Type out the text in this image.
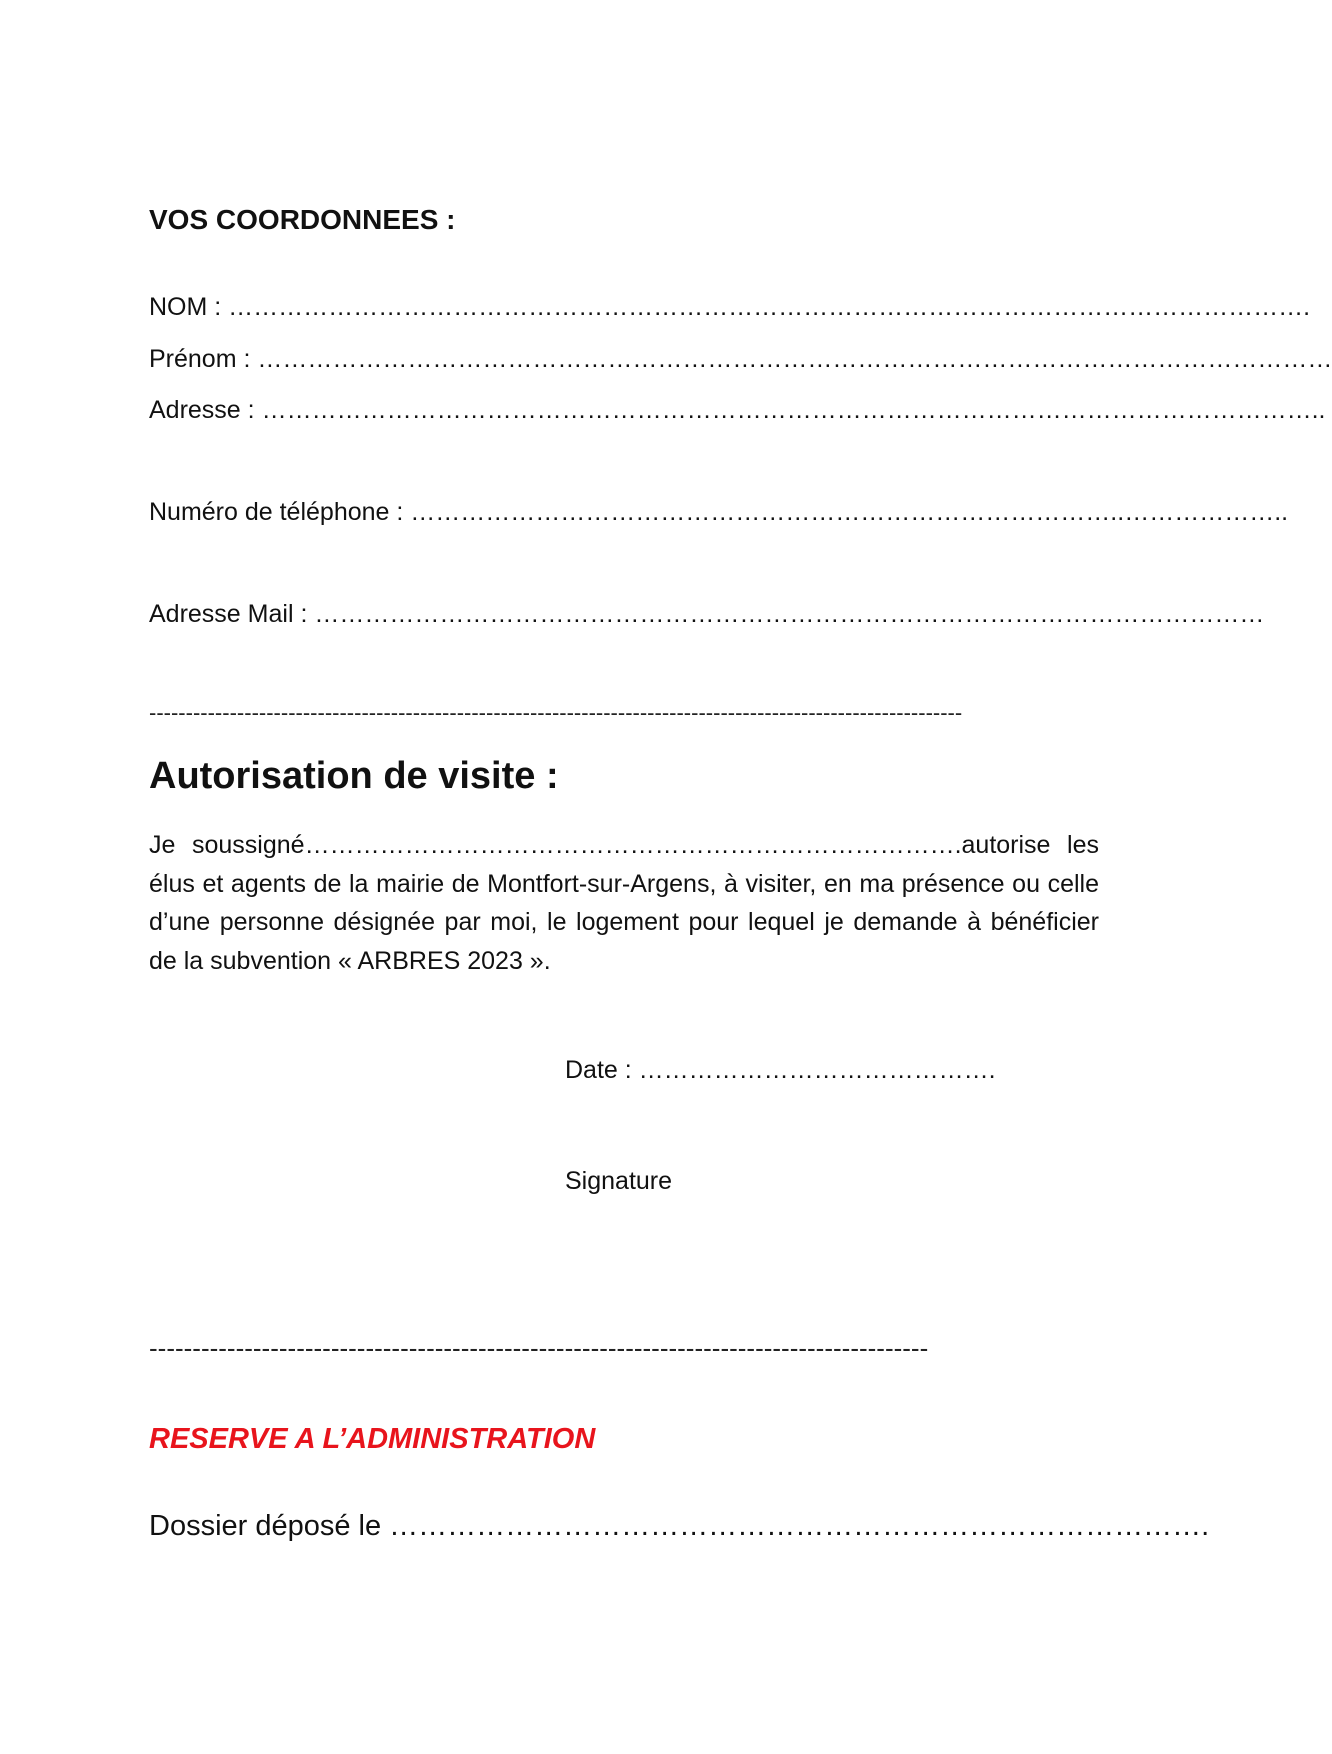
VOS COORDONNEES :

NOM : ………………………………………………………………………………………………………………….

Prénom : …………………………………………………………………………………………………………………

Adresse : ………………………………………………………………………………………………………………..

Numéro de téléphone : …………………………………………………………………………..………………..

Adresse Mail : ……………………………………………………………………………………………………

---------------------------------------------------------------------------------------------------------------

Autorisation de visite :

Je soussigné…………………………………………………………………….autorise les élus et agents de la mairie de Montfort-sur-Argens, à visiter, en ma présence ou celle d’une personne désignée par moi, le logement pour lequel je demande à bénéficier de la subvention « ARBRES 2023 ».

Date : …………………………………….

Signature

------------------------------------------------------------------------------------------

RESERVE A L’ADMINISTRATION

Dossier déposé le ………………………………………………………………………….
